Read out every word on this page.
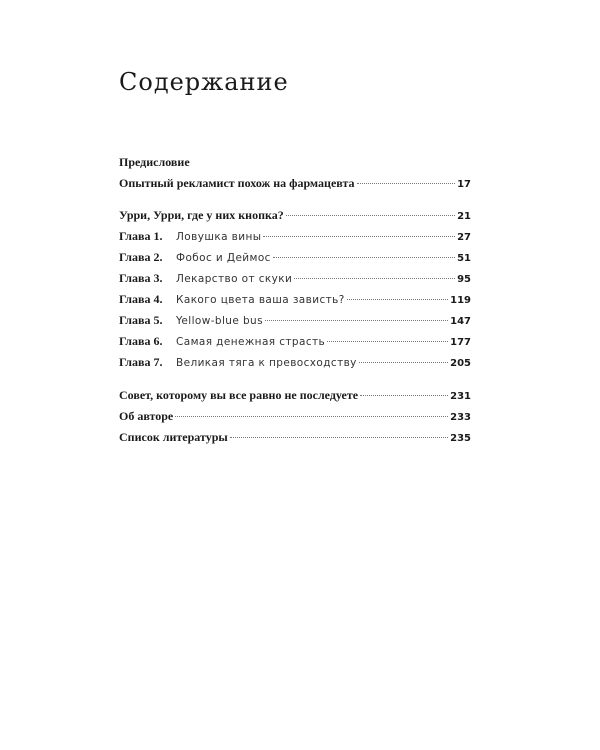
Содержание
Предисловие
Опытный рекламист похож на фармацевта	17
Урри, Урри, где у них кнопка?	21
Глава 1.	Ловушка вины	27
Глава 2.	Фобос и Деймос	51
Глава 3.	Лекарство от скуки	95
Глава 4.	Какого цвета ваша зависть?	119
Глава 5.	Yellow-blue bus	147
Глава 6.	Самая денежная страсть	177
Глава 7.	Великая тяга к превосходству	205
Совет, которому вы все равно не последуете	231
Об авторе	233
Список литературы	235
